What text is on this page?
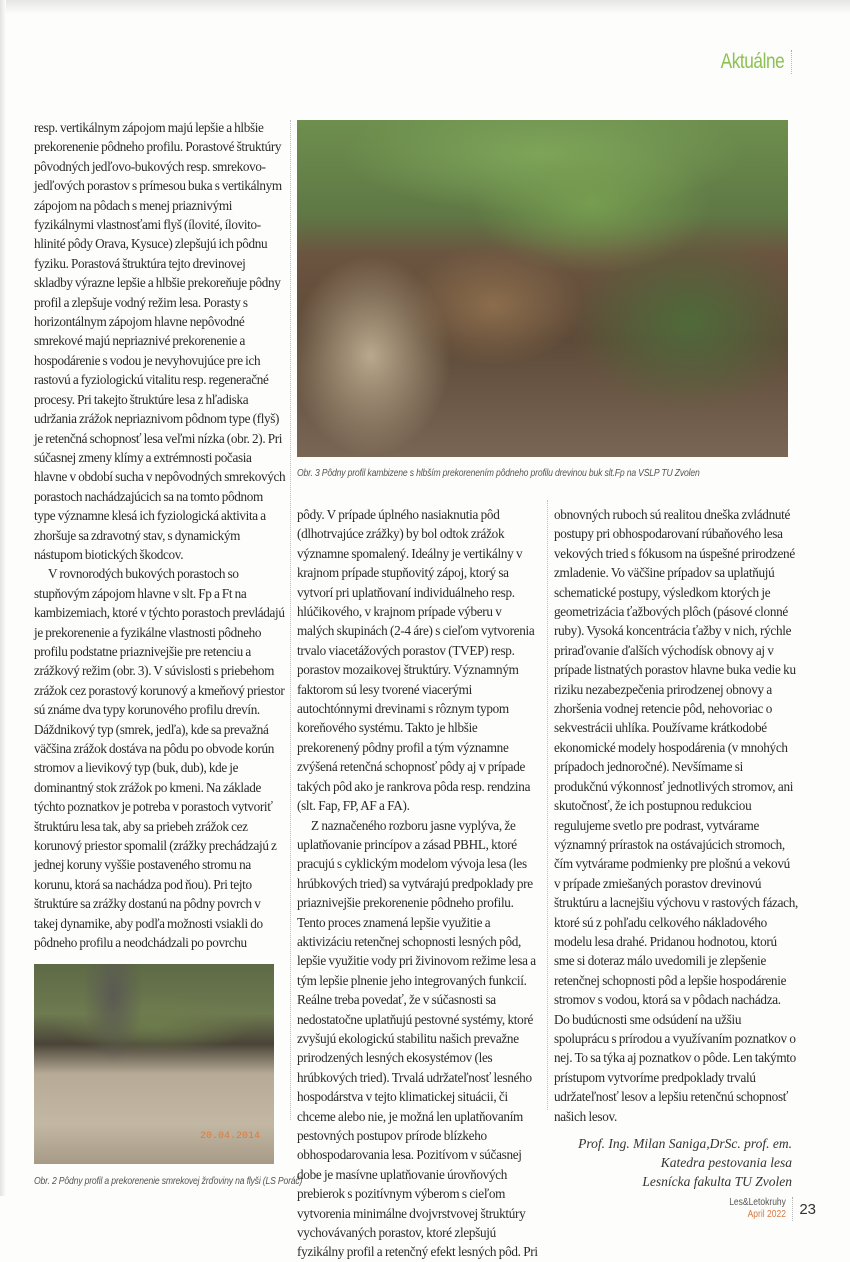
Aktuálne

resp. vertikálnym zápojom majú lepšie a hlbšie prekorenenie pôdneho profilu. Porastové štruktúry pôvodných jedľovo-bukových resp. smrekovo-jedľových porastov s prímesou buka s vertikálnym zápojom na pôdach s menej priaznivými fyzikálnymi vlastnosťami flyš (ílovité, ílovito-hlinité pôdy Orava, Kysuce) zlepšujú ich pôdnu fyziku. Porastová štruktúra tejto drevinovej skladby výrazne lepšie a hlbšie prekoreňuje pôdny profil a zlepšuje vodný režim lesa. Porasty s horizontálnym zápojom hlavne nepôvodné smrekové majú nepriaznivé prekorenenie a hospodárenie s vodou je nevyhovujúce pre ich rastovú a fyziologickú vitalitu resp. regeneračné procesy. Pri takejto štruktúre lesa z hľadiska udržania zrážok nepriaznivom pôdnom type (flyš) je retenčná schopnosť lesa veľmi nízka (obr. 2). Pri súčasnej zmeny klímy a extrémnosti počasia hlavne v období sucha v nepôvodných smrekových porastoch nachádzajúcich sa na tomto pôdnom type významne klesá ich fyziologická aktivita a zhoršuje sa zdravotný stav, s dynamickým nástupom biotických škodcov.

V rovnorodých bukových porastoch so stupňovým zápojom hlavne v slt. Fp a Ft na kambizemiach, ktoré v týchto porastoch prevládajú je prekorenenie a fyzikálne vlastnosti pôdneho profilu podstatne priaznivejšie pre retenciu a zrážkový režim (obr. 3). V súvislosti s priebehom zrážok cez porastový korunový a kmeňový priestor sú známe dva typy korunového profilu drevín. Dáždnikový typ (smrek, jedľa), kde sa prevažná väčšina zrážok dostáva na pôdu po obvode korún stromov a lievikový typ (buk, dub), kde je dominantný stok zrážok po kmeni. Na základe týchto poznatkov je potreba v porastoch vytvoriť štruktúru lesa tak, aby sa priebeh zrážok cez korunový priestor spomalil (zrážky prechádzajú z jednej koruny vyššie postaveného stromu na korunu, ktorá sa nachádza pod ňou). Pri tejto štruktúre sa zrážky dostanú na pôdny povrch v takej dynamike, aby podľa možnosti vsiakli do pôdneho profilu a neodchádzali po povrchu

20.04.2014
Obr. 2 Pôdny profil a prekorenenie smrekovej žrďoviny na flyši (LS Poráč)
Obr. 3 Pôdny profil kambizene s hlbším prekorenením pôdneho profilu drevinou buk slt.Fp na VŠLP TU Zvolen

pôdy. V prípade úplného nasiaknutia pôd (dlhotrvajúce zrážky) by bol odtok zrážok významne spomalený. Ideálny je vertikálny v krajnom prípade stupňovitý zápoj, ktorý sa vytvorí pri uplatňovaní individuálneho resp. hlúčikového, v krajnom prípade výberu v malých skupinách (2-4 áre) s cieľom vytvorenia trvalo viacetážových porastov (TVEP) resp. porastov mozaikovej štruktúry. Významným faktorom sú lesy tvorené viacerými autochtónnymi drevinami s rôznym typom koreňového systému. Takto je hlbšie prekorenený pôdny profil a tým významne zvýšená retenčná schopnosť pôdy aj v prípade takých pôd ako je rankrova pôda resp. rendzina (slt. Fap, FP, AF a FA).

Z naznačeného rozboru jasne vyplýva, že uplatňovanie princípov a zásad PBHL, ktoré pracujú s cyklickým modelom vývoja lesa (les hrúbkových tried) sa vytvárajú predpoklady pre priaznivejšie prekorenenie pôdneho profilu. Tento proces znamená lepšie využitie a aktivizáciu retenčnej schopnosti lesných pôd, lepšie využitie vody pri živinovom režime lesa a tým lepšie plnenie jeho integrovaných funkcií. Reálne treba povedať, že v súčasnosti sa nedostatočne uplatňujú pestovné systémy, ktoré zvyšujú ekologickú stabilitu našich prevažne prirodzených lesných ekosystémov (les hrúbkových tried). Trvalá udržateľnosť lesného hospodárstva v tejto klimatickej situácii, či chceme alebo nie, je možná len uplatňovaním pestovných postupov prírode blízkeho obhospodarovania lesa. Pozitívom v súčasnej dobe je masívne uplatňovanie úrovňových prebierok s pozitívnym výberom s cieľom vytvorenia minimálne dvojvrstvovej štruktúry vychovávaných porastov, ktoré zlepšujú fyzikálny profil a retenčný efekt lesných pôd. Pri

obnovných ruboch sú realitou dneška zvládnuté postupy pri obhospodarovaní rúbaňového lesa vekových tried s fókusom na úspešné prirodzené zmladenie. Vo väčšine prípadov sa uplatňujú schematické postupy, výsledkom ktorých je geometrizácia ťažbových plôch (pásové clonné ruby). Vysoká koncentrácia ťažby v nich, rýchle priraďovanie ďalších východísk obnovy aj v prípade listnatých porastov hlavne buka vedie ku riziku nezabezpečenia prirodzenej obnovy a zhoršenia vodnej retencie pôd, nehovoriac o sekvestrácii uhlíka. Používame krátkodobé ekonomické modely hospodárenia (v mnohých prípadoch jednoročné). Nevšímame si produkčnú výkonnosť jednotlivých stromov, ani skutočnosť, že ich postupnou redukciou regulujeme svetlo pre podrast, vytvárame významný prírastok na ostávajúcich stromoch, čím vytvárame podmienky pre plošnú a vekovú v prípade zmiešaných porastov drevinovú štruktúru a lacnejšiu výchovu v rastových fázach, ktoré sú z pohľadu celkového nákladového modelu lesa drahé. Pridanou hodnotou, ktorú sme si doteraz málo uvedomili je zlepšenie retenčnej schopnosti pôd a lepšie hospodárenie stromov s vodou, ktorá sa v pôdach nachádza. Do budúcnosti sme odsúdení na užšiu spoluprácu s prírodou a využívaním poznatkov o nej. To sa týka aj poznatkov o pôde. Len takýmto prístupom vytvoríme predpoklady trvalú udržateľnosť lesov a lepšiu retenčnú schopnosť našich lesov.

Prof. Ing. Milan Saniga,DrSc. prof. em.
Katedra pestovania lesa
Lesnícka fakulta TU Zvolen
Les&Letokruhy
April 2022 23
